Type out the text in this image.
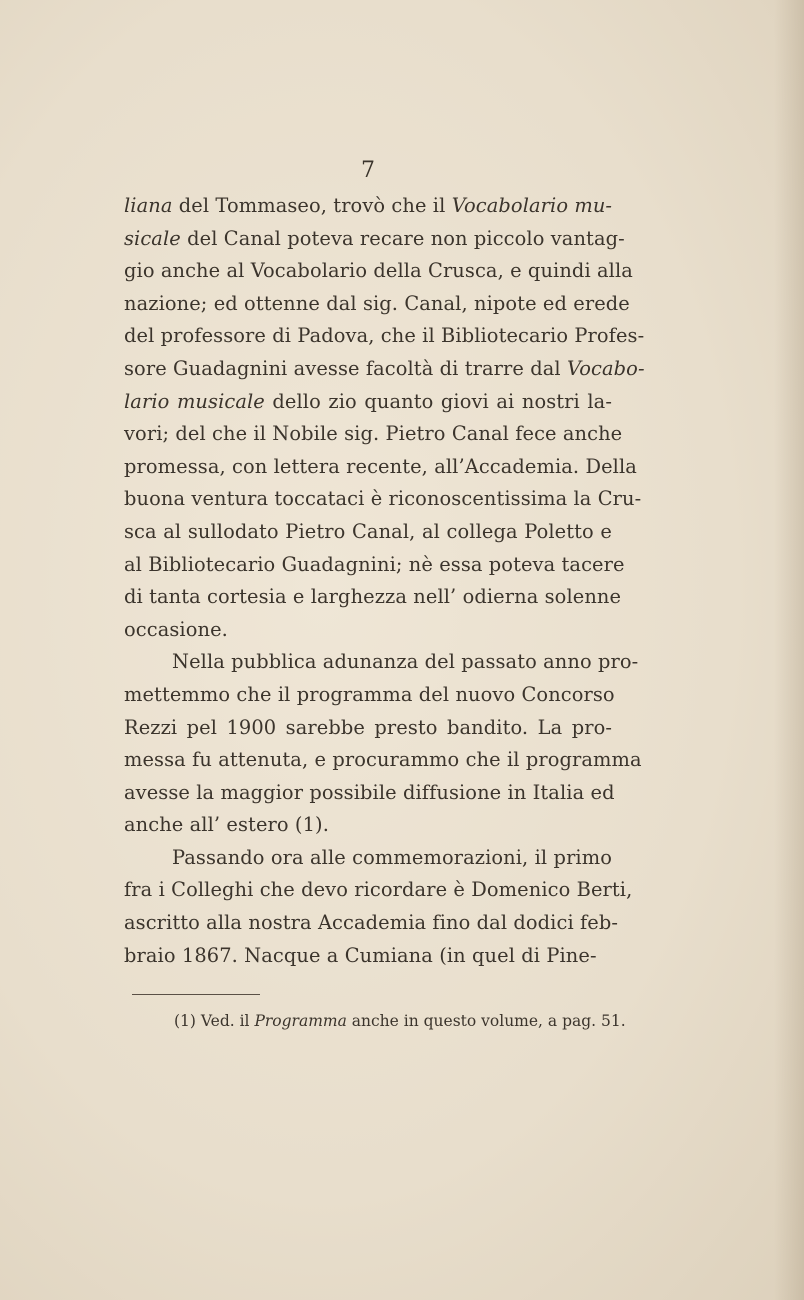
7
liana del Tommaseo, trovò che il Vocabolario mu-
sicale del Canal poteva recare non piccolo vantag-
gio anche al Vocabolario della Crusca, e quindi alla
nazione; ed ottenne dal sig. Canal, nipote ed erede
del professore di Padova, che il Bibliotecario Profes-
sore Guadagnini avesse facoltà di trarre dal Vocabo-
lario musicale dello zio quanto giovi ai nostri la-
vori; del che il Nobile sig. Pietro Canal fece anche
promessa, con lettera recente, all’Accademia. Della
buona ventura toccataci è riconoscentissima la Cru-
sca al sullodato Pietro Canal, al collega Poletto e
al Bibliotecario Guadagnini; nè essa poteva tacere
di tanta cortesia e larghezza nell’ odierna solenne
occasione.
Nella pubblica adunanza del passato anno pro-
mettemmo che il programma del nuovo Concorso
Rezzi pel 1900 sarebbe presto bandito. La pro-
messa fu attenuta, e procurammo che il programma
avesse la maggior possibile diffusione in Italia ed
anche all’ estero (1).
Passando ora alle commemorazioni, il primo
fra i Colleghi che devo ricordare è Domenico Berti,
ascritto alla nostra Accademia fino dal dodici feb-
braio 1867. Nacque a Cumiana (in quel di Pine-
(1) Ved. il Programma anche in questo volume, a pag. 51.
